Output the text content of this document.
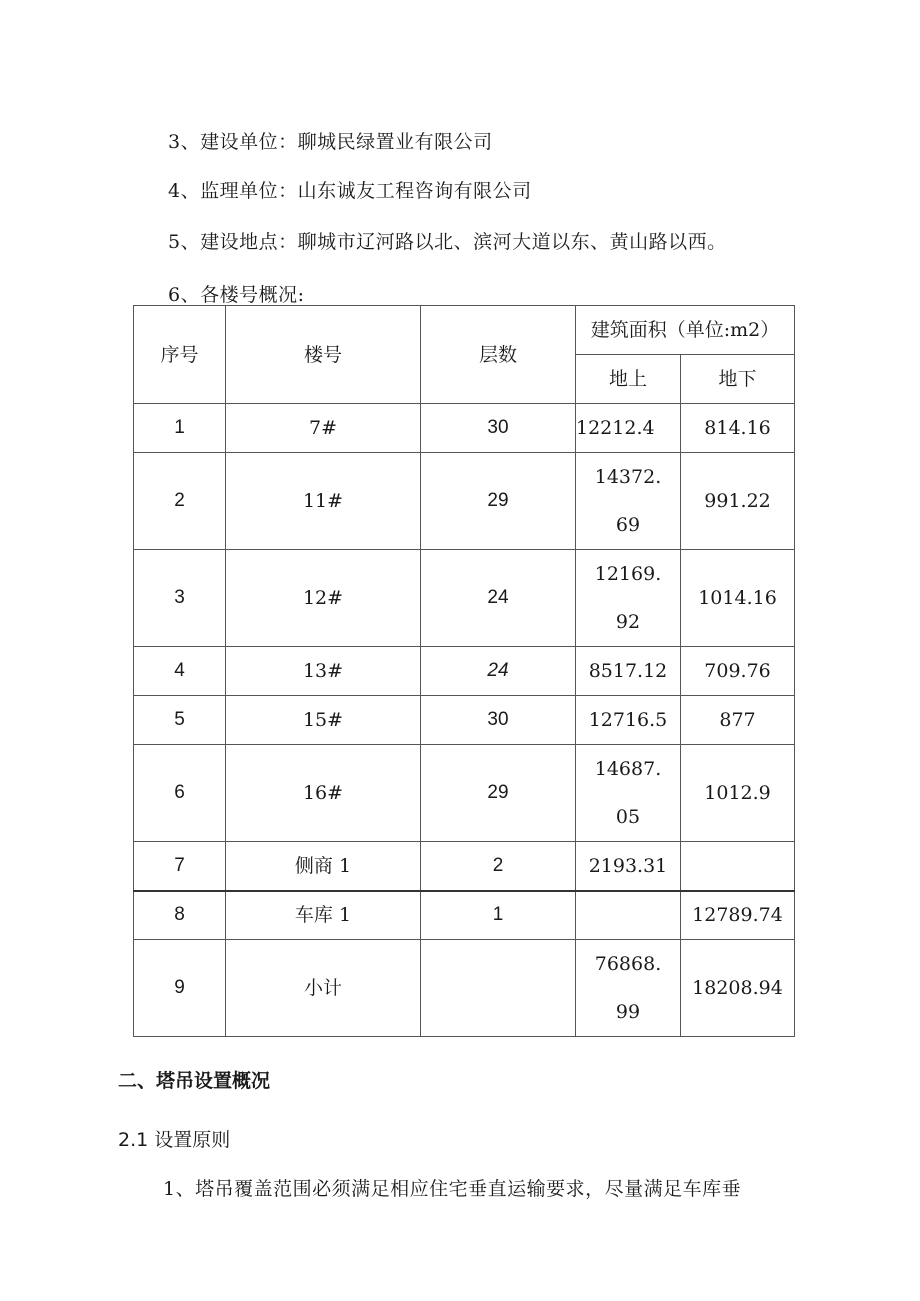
3、建设单位：聊城民绿置业有限公司
4、监理单位：山东诚友工程咨询有限公司
5、建设地点：聊城市辽河路以北、滨河大道以东、黄山路以西。
6、各楼号概况:
序号	楼号	层数	建筑面积（单位:m2）	
			地上	地下
1	7#	30	12212.4	814.16
2	11#	29	14372.69	991.22
3	12#	24	12169.92	1014.16
4	13#	24	8517.12	709.76
5	15#	30	12716.5	877
6	16#	29	14687.05	1012.9
7	侧商 1	2	2193.31	
8	车库 1	1		12789.74
9	小计		76868.99	18208.94
二、塔吊设置概况
2.1 设置原则
1、塔吊覆盖范围必须满足相应住宅垂直运输要求，尽量满足车库垂
